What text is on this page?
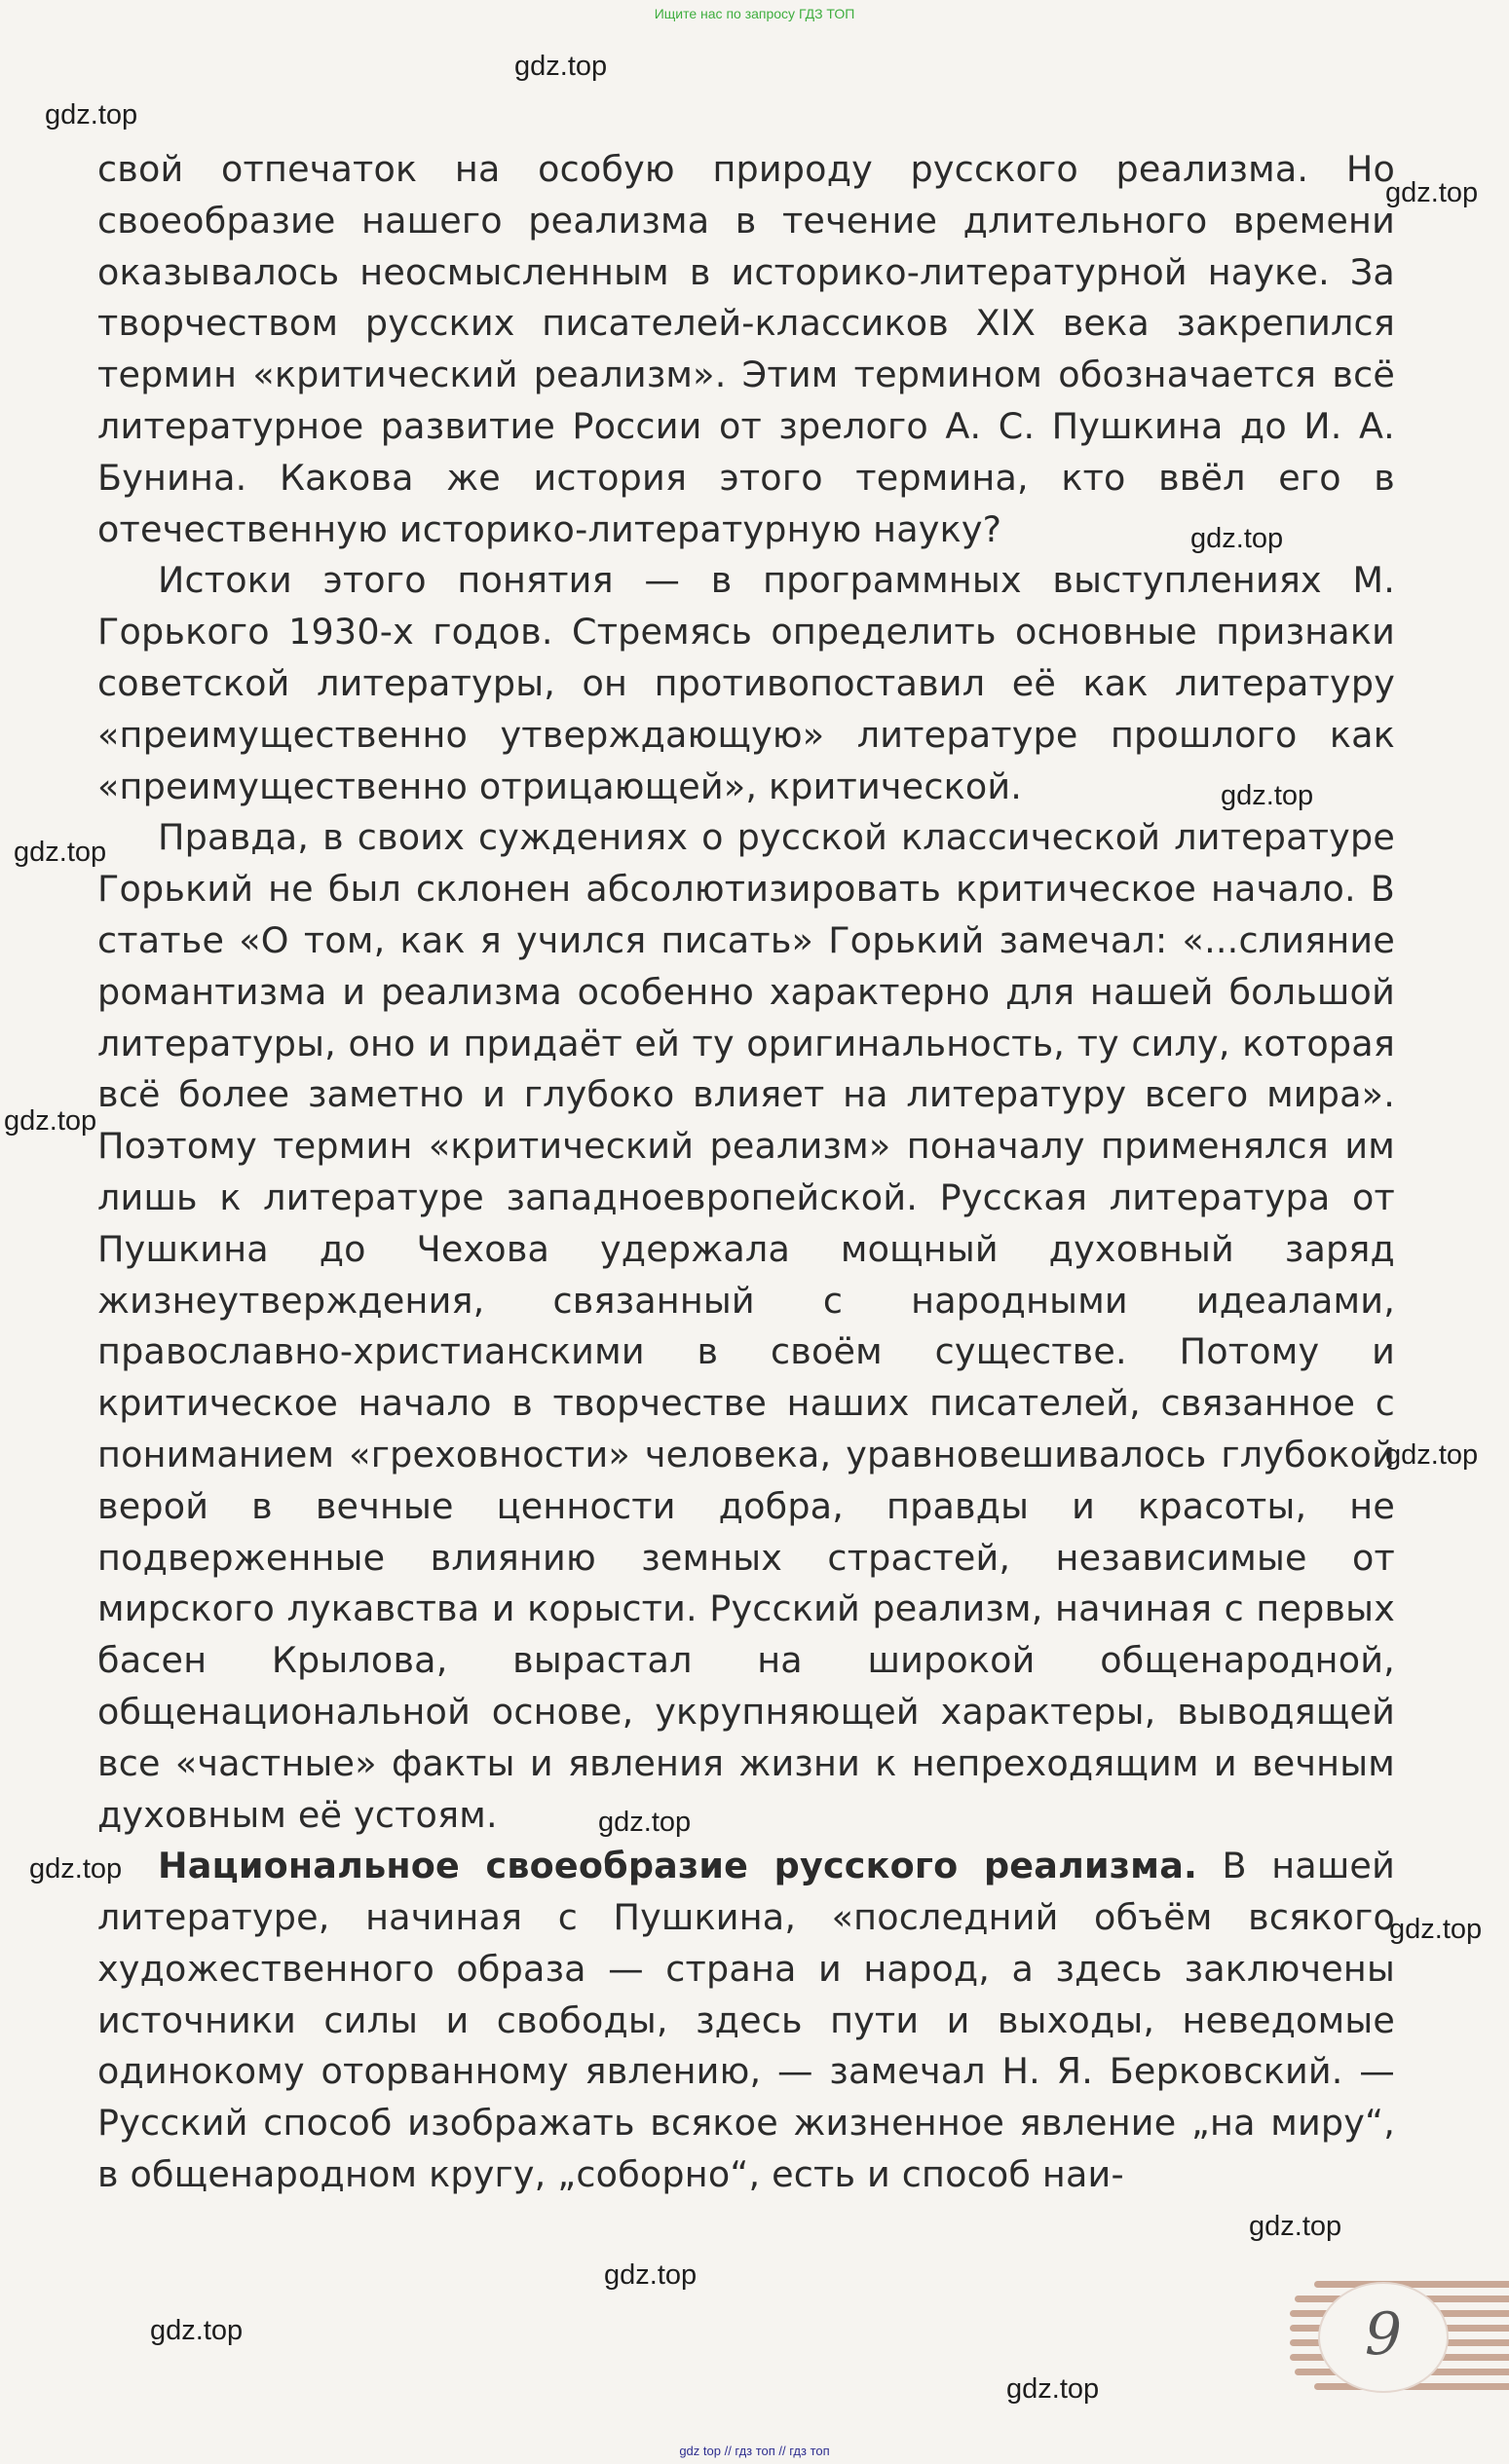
Ищите нас по запросу ГДЗ ТОП
gdz.top
gdz.top
gdz.top
gdz.top
gdz.top
gdz.top
gdz.top
gdz.top
gdz.top
gdz.top
gdz.top
gdz.top
gdz.top
gdz.top
gdz.top

свой отпечаток на особую природу русского реализма. Но своеобразие нашего реализма в течение длительного времени оказывалось неосмысленным в историко-литературной науке. За творчеством русских писателей-классиков XIX века закрепился термин «критический реализм». Этим термином обозначается всё литературное развитие России от зрелого А. С. Пушкина до И. А. Бунина. Какова же история этого термина, кто ввёл его в отечественную историко-литературную науку?

Истоки этого понятия — в программных выступлениях М. Горького 1930-х годов. Стремясь определить основные признаки советской литературы, он противопоставил её как литературу «преимущественно утверждающую» литературе прошлого как «преимущественно отрицающей», критической.

Правда, в своих суждениях о русской классической литературе Горький не был склонен абсолютизировать критическое начало. В статье «О том, как я учился писать» Горький замечал: «...слияние романтизма и реализма особенно характерно для нашей большой литературы, оно и придаёт ей ту оригинальность, ту силу, которая всё более заметно и глубоко влияет на литературу всего мира». Поэтому термин «критический реализм» поначалу применялся им лишь к литературе западноевропейской. Русская литература от Пушкина до Чехова удержала мощный духовный заряд жизнеутверждения, связанный с народными идеалами, православно-христианскими в своём существе. Потому и критическое начало в творчестве наших писателей, связанное с пониманием «греховности» человека, уравновешивалось глубокой верой в вечные ценности добра, правды и красоты, не подверженные влиянию земных страстей, независимые от мирского лукавства и корысти. Русский реализм, начиная с первых басен Крылова, вырастал на широкой общенародной, общенациональной основе, укрупняющей характеры, выводящей все «частные» факты и явления жизни к непреходящим и вечным духовным её устоям.

Национальное своеобразие русского реализма. В нашей литературе, начиная с Пушкина, «последний объём всякого художественного образа — страна и народ, а здесь заключены источники силы и свободы, здесь пути и выходы, неведомые одинокому оторванному явлению, — замечал Н. Я. Берковский. — Русский способ изображать всякое жизненное явление „на миру“, в общенародном кругу, „соборно“, есть и способ наи-

9
gdz top // гдз топ // гдз топ
